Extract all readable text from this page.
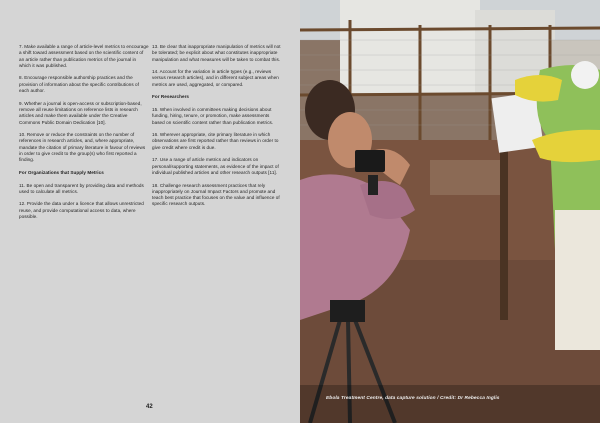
7. Make available a range of article-level metrics to encourage a shift toward assessment based on the scientific content of an article rather than publication metrics of the journal in which it was published.

8. Encourage responsible authorship practices and the provision of information about the specific contributions of each author.

9. Whether a journal is open-access or subscription-based, remove all reuse limitations on reference lists in research articles and make them available under the Creative Commons Public Domain Dedication [10].

10. Remove or reduce the constraints on the number of references in research articles, and, where appropriate, mandate the citation of primary literature in favour of reviews in order to give credit to the group(s) who first reported a finding.

For Organizations that Supply Metrics

11. Be open and transparent by providing data and methods used to calculate all metrics.

12. Provide the data under a licence that allows unrestricted reuse, and provide computational access to data, where possible.

13. Be clear that inappropriate manipulation of metrics will not be tolerated; be explicit about what constitutes inappropriate manipulation and what measures will be taken to combat this.

14. Account for the variation in article types (e.g., reviews versus research articles), and in different subject areas when metrics are used, aggregated, or compared.

For Researchers

15. When involved in committees making decisions about funding, hiring, tenure, or promotion, make assessments based on scientific content rather than publication metrics.

16. Wherever appropriate, cite primary literature in which observations are first reported rather than reviews in order to give credit where credit is due.

17. Use a range of article metrics and indicators on personal/supporting statements, as evidence of the impact of individual published articles and other research outputs [11].

18. Challenge research assessment practices that rely inappropriately on Journal Impact Factors and promote and teach best practice that focuses on the value and influence of specific research outputs.

42
Ebola Treatment Centre, data capture solution / Credit: Dr Rebecca Inglis
